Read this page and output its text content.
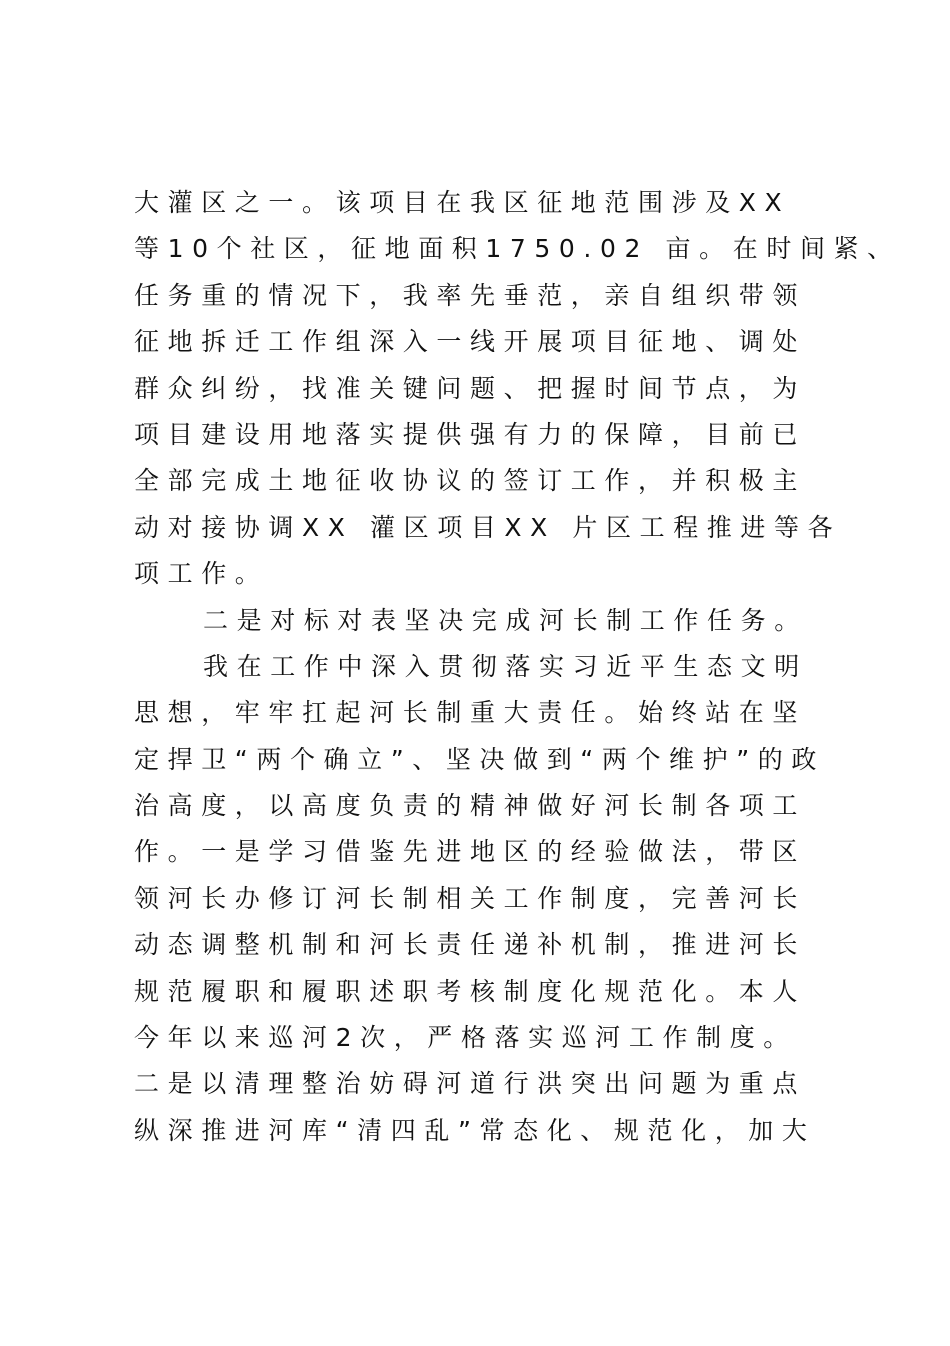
大灌区之一。该项目在我区征地范围涉及XX
等10个社区，征地面积1750.02 亩。在时间紧、
任务重的情况下，我率先垂范，亲自组织带领
征地拆迁工作组深入一线开展项目征地、调处
群众纠纷，找准关键问题、把握时间节点，为
项目建设用地落实提供强有力的保障，目前已
全部完成土地征收协议的签订工作，并积极主
动对接协调XX 灌区项目XX 片区工程推进等各
项工作。
二是对标对表坚决完成河长制工作任务。
我在工作中深入贯彻落实习近平生态文明
思想，牢牢扛起河长制重大责任。始终站在坚
定捍卫“两个确立”、坚决做到“两个维护”的政
治高度，以高度负责的精神做好河长制各项工
作。一是学习借鉴先进地区的经验做法，带区
领河长办修订河长制相关工作制度，完善河长
动态调整机制和河长责任递补机制，推进河长
规范履职和履职述职考核制度化规范化。本人
今年以来巡河2次，严格落实巡河工作制度。
二是以清理整治妨碍河道行洪突出问题为重点
纵深推进河库“清四乱”常态化、规范化，加大
